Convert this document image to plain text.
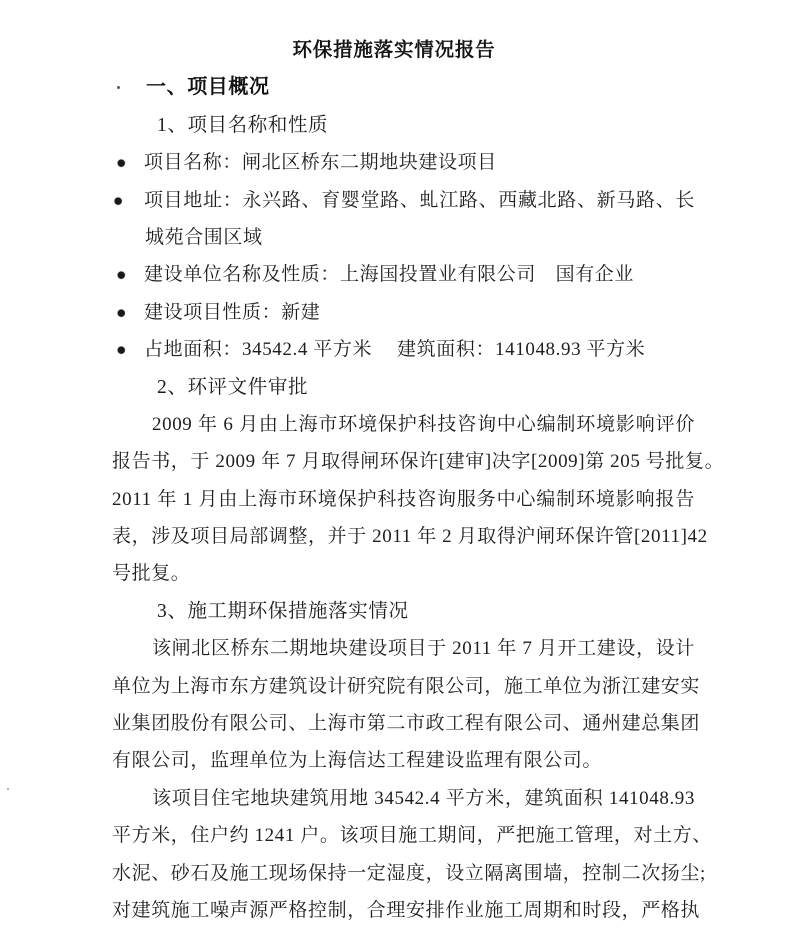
环保措施落实情况报告
一、项目概况
1、项目名称和性质
● 项目名称：闸北区桥东二期地块建设项目
●	项目地址：永兴路、育婴堂路、虬江路、西藏北路、新马路、长
城苑合围区域
● 建设单位名称及性质：上海国投置业有限公司　国有企业
● 建设项目性质：新建
● 占地面积：34542.4 平方米　 建筑面积：141048.93 平方米
2、环评文件审批
2009 年 6 月由上海市环境保护科技咨询中心编制环境影响评价
报告书，于 2009 年 7 月取得闸环保许[建审]决字[2009]第 205 号批复。
2011 年 1 月由上海市环境保护科技咨询服务中心编制环境影响报告
表，涉及项目局部调整，并于 2011 年 2 月取得沪闸环保许管[2011]42
号批复。
3、施工期环保措施落实情况
该闸北区桥东二期地块建设项目于 2011 年 7 月开工建设，设计
单位为上海市东方建筑设计研究院有限公司，施工单位为浙江建安实
业集团股份有限公司、上海市第二市政工程有限公司、通州建总集团
有限公司，监理单位为上海信达工程建设监理有限公司。
该项目住宅地块建筑用地 34542.4 平方米，建筑面积 141048.93
平方米，住户约 1241 户。该项目施工期间，严把施工管理，对土方、
水泥、砂石及施工现场保持一定湿度，设立隔离围墙，控制二次扬尘;
对建筑施工噪声源严格控制，合理安排作业施工周期和时段，严格执
